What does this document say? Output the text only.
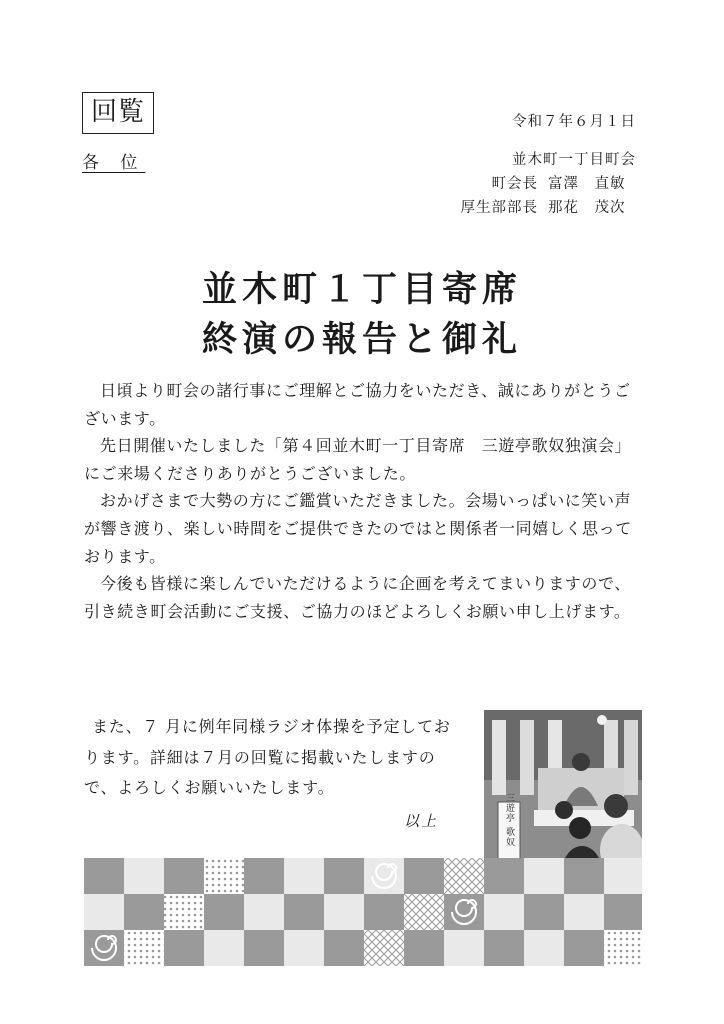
回覧
各 位
令和７年６月１日
並木町一丁目町会
町会長 富澤　直敏
厚生部部長 那花　茂次
並木町１丁目寄席
終演の報告と御礼

日頃より町会の諸行事にご理解とご協力をいただき、誠にありがとうございます。

先日開催いたしました「第４回並木町一丁目寄席　三遊亭歌奴独演会」にご来場くださりありがとうございました。

おかげさまで大勢の方にご鑑賞いただきました。会場いっぱいに笑い声が響き渡り、楽しい時間をご提供できたのではと関係者一同嬉しく思っております。

今後も皆様に楽しんでいただけるように企画を考えてまいりますので、引き続き町会活動にご支援、ご協力のほどよろしくお願い申し上げます。

また、７ 月に例年同様ラジオ体操を予定しております。詳細は７月の回覧に掲載いたしますので、よろしくお願いいたします。

以上	三遊亭 歌奴
